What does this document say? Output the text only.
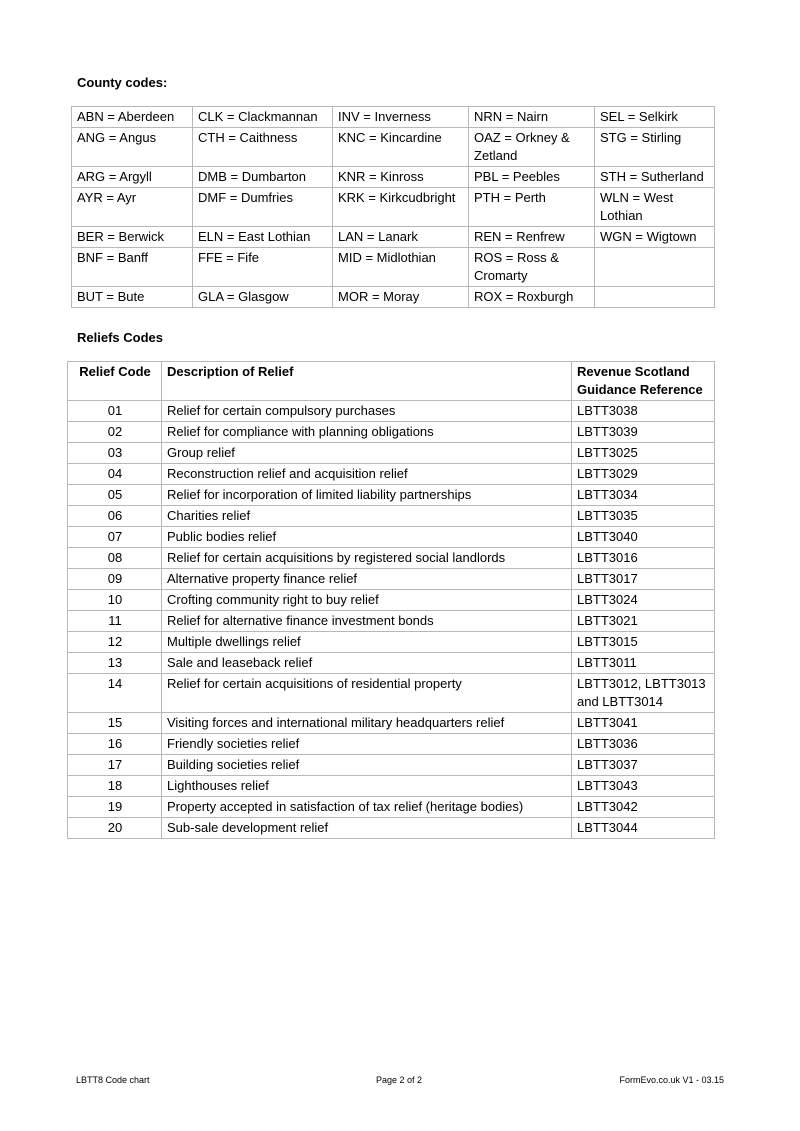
County codes:
ABN = Aberdeen	CLK = Clackmannan	INV = Inverness	NRN = Nairn	SEL = Selkirk
ANG = Angus	CTH = Caithness	KNC = Kincardine	OAZ = Orkney & Zetland	STG = Stirling
ARG = Argyll	DMB = Dumbarton	KNR = Kinross	PBL = Peebles	STH = Sutherland
AYR = Ayr	DMF = Dumfries	KRK = Kirkcudbright	PTH = Perth	WLN = West Lothian
BER = Berwick	ELN = East Lothian	LAN = Lanark	REN = Renfrew	WGN = Wigtown
BNF = Banff	FFE = Fife	MID = Midlothian	ROS = Ross & Cromarty	
BUT = Bute	GLA = Glasgow	MOR = Moray	ROX = Roxburgh	
Reliefs Codes
Relief Code	Description of Relief	Revenue Scotland Guidance Reference
01	Relief for certain compulsory purchases	LBTT3038
02	Relief for compliance with planning obligations	LBTT3039
03	Group relief	LBTT3025
04	Reconstruction relief and acquisition relief	LBTT3029
05	Relief for incorporation of limited liability partnerships	LBTT3034
06	Charities relief	LBTT3035
07	Public bodies relief	LBTT3040
08	Relief for certain acquisitions by registered social landlords	LBTT3016
09	Alternative property finance relief	LBTT3017
10	Crofting community right to buy relief	LBTT3024
11	Relief for alternative finance investment bonds	LBTT3021
12	Multiple dwellings relief	LBTT3015
13	Sale and leaseback relief	LBTT3011
14	Relief for certain acquisitions of residential property	LBTT3012, LBTT3013 and LBTT3014
15	Visiting forces and international military headquarters relief	LBTT3041
16	Friendly societies relief	LBTT3036
17	Building societies relief	LBTT3037
18	Lighthouses relief	LBTT3043
19	Property accepted in satisfaction of tax relief (heritage bodies)	LBTT3042
20	Sub-sale development relief	LBTT3044
LBTT8 Code chart	Page 2 of 2	FormEvo.co.uk V1 - 03.15
